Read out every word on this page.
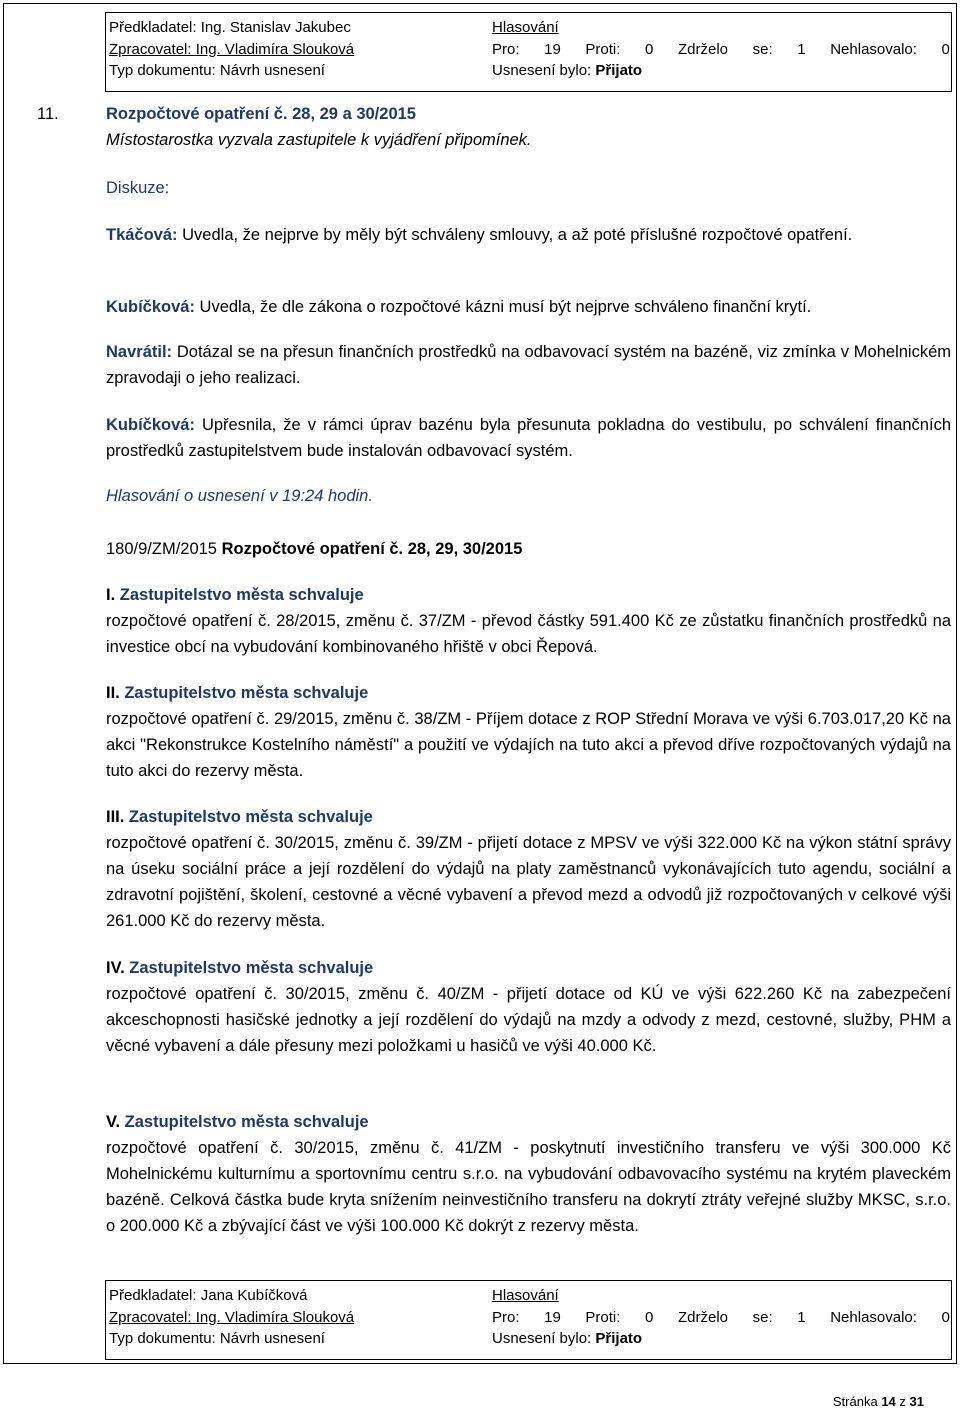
Předkladatel: Ing. Stanislav Jakubec
Zpracovatel: Ing. Vladimíra Slouková
Typ dokumentu: Návrh usnesení
Hlasování
Pro: 19 Proti: 0 Zdrželo se: 1 Nehlasovalo: 0
Usnesení bylo: Přijato
11.	Rozpočtové opatření č. 28, 29 a 30/2015

Místostarostka vyzvala zastupitele k vyjádření připomínek.

Diskuze:

Tkáčová: Uvedla, že nejprve by měly být schváleny smlouvy, a až poté příslušné rozpočtové opatření.

Kubíčková: Uvedla, že dle zákona o rozpočtové kázni musí být nejprve schváleno finanční krytí.

Navrátil: Dotázal se na přesun finančních prostředků na odbavovací systém na bazéně, viz zmínka v Mohelnickém zpravodaji o jeho realizaci.

Kubíčková: Upřesnila, že v rámci úprav bazénu byla přesunuta pokladna do vestibulu, po schválení finančních prostředků zastupitelstvem bude instalován odbavovací systém.

Hlasování o usnesení v 19:24 hodin.

180/9/ZM/2015 Rozpočtové opatření č. 28, 29, 30/2015

I. Zastupitelstvo města schvaluje

rozpočtové opatření č. 28/2015, změnu č. 37/ZM - převod částky 591.400 Kč ze zůstatku finančních prostředků na investice obcí na vybudování kombinovaného hřiště v obci Řepová.

II. Zastupitelstvo města schvaluje

rozpočtové opatření č. 29/2015, změnu č. 38/ZM - Příjem dotace z ROP Střední Morava ve výši 6.703.017,20 Kč na akci "Rekonstrukce Kostelního náměstí" a použití ve výdajích na tuto akci a převod dříve rozpočtovaných výdajů na tuto akci do rezervy města.

III. Zastupitelstvo města schvaluje

rozpočtové opatření č. 30/2015, změnu č. 39/ZM - přijetí dotace z MPSV ve výši 322.000 Kč na výkon státní správy na úseku sociální práce a její rozdělení do výdajů na platy zaměstnanců vykonávajících tuto agendu, sociální a zdravotní pojištění, školení, cestovné a věcné vybavení a převod mezd a odvodů již rozpočtovaných v celkové výši 261.000 Kč do rezervy města.

IV. Zastupitelstvo města schvaluje

rozpočtové opatření č. 30/2015, změnu č. 40/ZM - přijetí dotace od KÚ ve výši 622.260 Kč na zabezpečení akceschopnosti hasičské jednotky a její rozdělení do výdajů na mzdy a odvody z mezd, cestovné, služby, PHM a věcné vybavení a dále přesuny mezi položkami u hasičů ve výši 40.000 Kč.

V. Zastupitelstvo města schvaluje

rozpočtové opatření č. 30/2015, změnu č. 41/ZM - poskytnutí investičního transferu ve výši 300.000 Kč Mohelnickému kulturnímu a sportovnímu centru s.r.o. na vybudování odbavovacího systému na krytém plaveckém bazéně. Celková částka bude kryta snížením neinvestičního transferu na dokrytí ztráty veřejné služby MKSC, s.r.o. o 200.000 Kč a zbývající část ve výši 100.000 Kč dokrýt z rezervy města.

Předkladatel: Jana Kubíčková
Zpracovatel: Ing. Vladimíra Slouková
Typ dokumentu: Návrh usnesení
Hlasování
Pro: 19 Proti: 0 Zdrželo se: 1 Nehlasovalo: 0
Usnesení bylo: Přijato
Stránka 14 z 31
